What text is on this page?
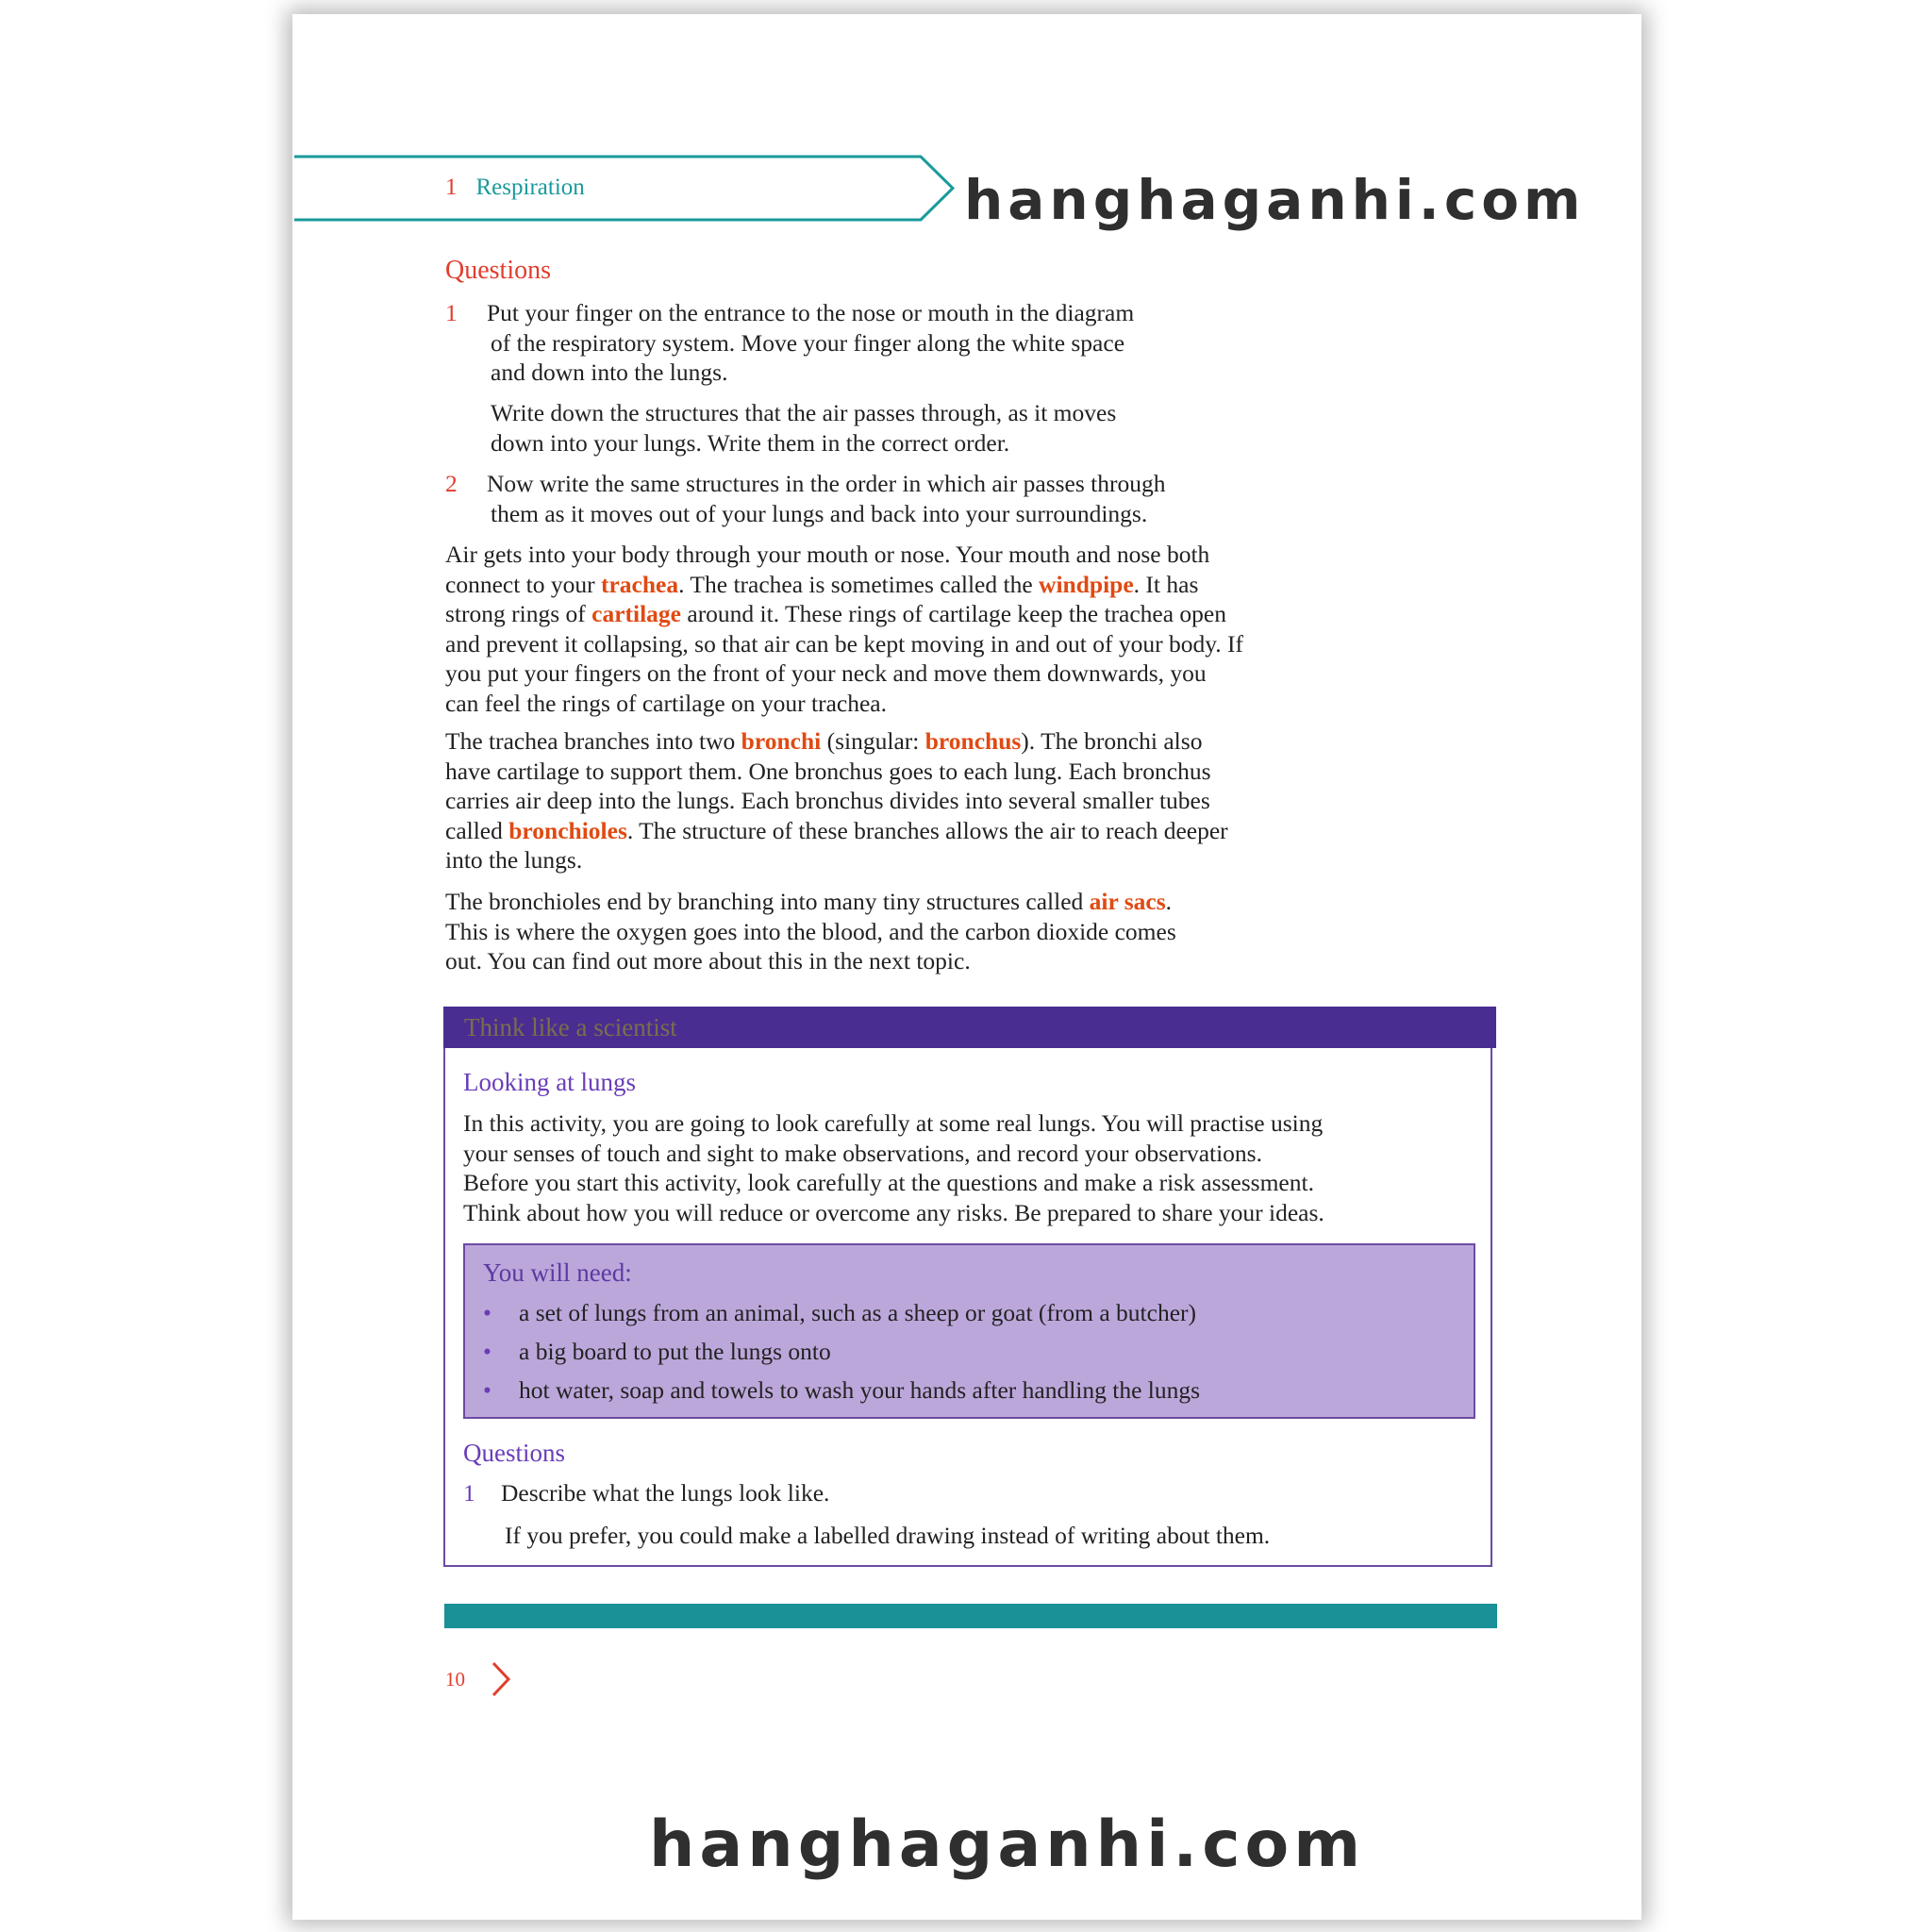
1 Respiration	hanghaganhi.com
Questions
1 Put your finger on the entrance to the nose or mouth in the diagram
of the respiratory system. Move your finger along the white space
and down into the lungs.
Write down the structures that the air passes through, as it moves
down into your lungs. Write them in the correct order.
2 Now write the same structures in the order in which air passes through
them as it moves out of your lungs and back into your surroundings.
Air gets into your body through your mouth or nose. Your mouth and nose both connect to your trachea. The trachea is sometimes called the windpipe. It has strong rings of cartilage around it. These rings of cartilage keep the trachea open and prevent it collapsing, so that air can be kept moving in and out of your body. If you put your fingers on the front of your neck and move them downwards, you can feel the rings of cartilage on your trachea.
The trachea branches into two bronchi (singular: bronchus). The bronchi also have cartilage to support them. One bronchus goes to each lung. Each bronchus carries air deep into the lungs. Each bronchus divides into several smaller tubes called bronchioles. The structure of these branches allows the air to reach deeper into the lungs.
The bronchioles end by branching into many tiny structures called air sacs. This is where the oxygen goes into the blood, and the carbon dioxide comes out. You can find out more about this in the next topic.
Think like a scientist
Looking at lungs
In this activity, you are going to look carefully at some real lungs. You will practise using
your senses of touch and sight to make observations, and record your observations.
Before you start this activity, look carefully at the questions and make a risk assessment.
Think about how you will reduce or overcome any risks. Be prepared to share your ideas.
You will need:
• a set of lungs from an animal, such as a sheep or goat (from a butcher)
• a big board to put the lungs onto
• hot water, soap and towels to wash your hands after handling the lungs
Questions
1 Describe what the lungs look like.
If you prefer, you could make a labelled drawing instead of writing about them.
10
hanghaganhi.com
